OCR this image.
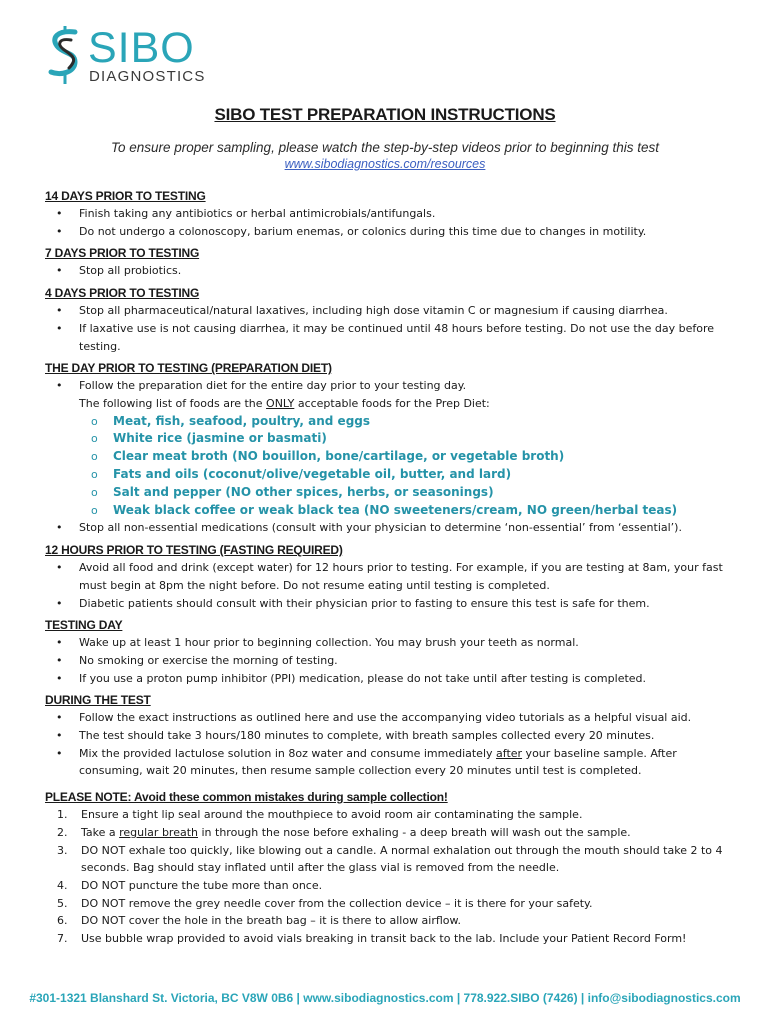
SIBO
DIAGNOSTICS
SIBO TEST PREPARATION INSTRUCTIONS
To ensure proper sampling, please watch the step-by-step videos prior to beginning this test
www.sibodiagnostics.com/resources
14 DAYS PRIOR TO TESTING
• Finish taking any antibiotics or herbal antimicrobials/antifungals.
• Do not undergo a colonoscopy, barium enemas, or colonics during this time due to changes in motility.
7 DAYS PRIOR TO TESTING
• Stop all probiotics.
4 DAYS PRIOR TO TESTING
• Stop all pharmaceutical/natural laxatives, including high dose vitamin C or magnesium if causing diarrhea.
• If laxative use is not causing diarrhea, it may be continued until 48 hours before testing. Do not use the day before testing.
THE DAY PRIOR TO TESTING (PREPARATION DIET)
• Follow the preparation diet for the entire day prior to your testing day.
The following list of foods are the ONLY acceptable foods for the Prep Diet:
o Meat, fish, seafood, poultry, and eggs
o White rice (jasmine or basmati)
o Clear meat broth (NO bouillon, bone/cartilage, or vegetable broth)
o Fats and oils (coconut/olive/vegetable oil, butter, and lard)
o Salt and pepper (NO other spices, herbs, or seasonings)
o Weak black coffee or weak black tea (NO sweeteners/cream, NO green/herbal teas)
• Stop all non-essential medications (consult with your physician to determine ‘non-essential’ from ‘essential’).
12 HOURS PRIOR TO TESTING (FASTING REQUIRED)
• Avoid all food and drink (except water) for 12 hours prior to testing. For example, if you are testing at 8am, your fast must begin at 8pm the night before. Do not resume eating until testing is completed.
• Diabetic patients should consult with their physician prior to fasting to ensure this test is safe for them.
TESTING DAY
• Wake up at least 1 hour prior to beginning collection. You may brush your teeth as normal.
• No smoking or exercise the morning of testing.
• If you use a proton pump inhibitor (PPI) medication, please do not take until after testing is completed.
DURING THE TEST
• Follow the exact instructions as outlined here and use the accompanying video tutorials as a helpful visual aid.
• The test should take 3 hours/180 minutes to complete, with breath samples collected every 20 minutes.
• Mix the provided lactulose solution in 8oz water and consume immediately after your baseline sample. After consuming, wait 20 minutes, then resume sample collection every 20 minutes until test is completed.
PLEASE NOTE: Avoid these common mistakes during sample collection!
1. Ensure a tight lip seal around the mouthpiece to avoid room air contaminating the sample.
2. Take a regular breath in through the nose before exhaling - a deep breath will wash out the sample.
3. DO NOT exhale too quickly, like blowing out a candle. A normal exhalation out through the mouth should take 2 to 4 seconds. Bag should stay inflated until after the glass vial is removed from the needle.
4. DO NOT puncture the tube more than once.
5. DO NOT remove the grey needle cover from the collection device – it is there for your safety.
6. DO NOT cover the hole in the breath bag – it is there to allow airflow.
7. Use bubble wrap provided to avoid vials breaking in transit back to the lab. Include your Patient Record Form!
#301-1321 Blanshard St. Victoria, BC V8W 0B6 | www.sibodiagnostics.com | 778.922.SIBO (7426) | info@sibodiagnostics.com
